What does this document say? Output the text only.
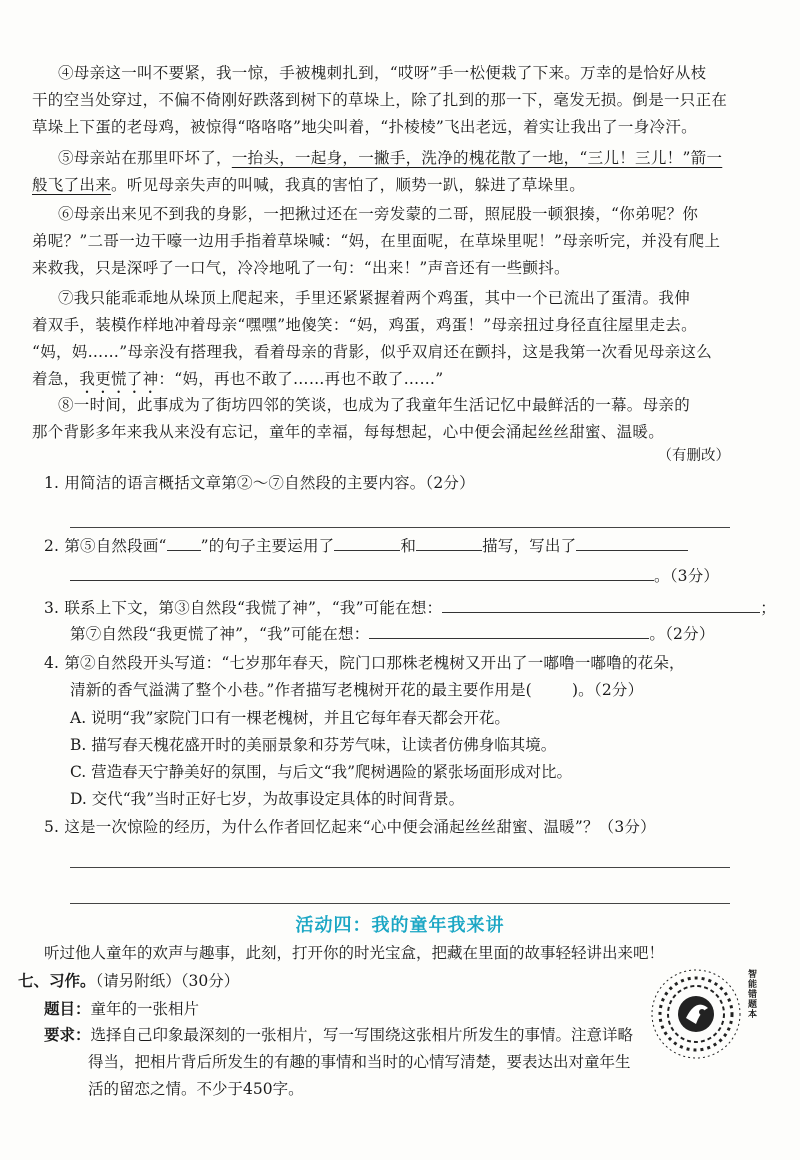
④母亲这一叫不要紧，我一惊，手被槐刺扎到，“哎呀”手一松便栽了下来。万幸的是恰好从枝
干的空当处穿过，不偏不倚刚好跌落到树下的草垛上，除了扎到的那一下，毫发无损。倒是一只正在
草垛上下蛋的老母鸡，被惊得“咯咯咯”地尖叫着，“扑棱棱”飞出老远，着实让我出了一身冷汗。
⑤母亲站在那里吓坏了，一抬头，一起身，一撇手，洗净的槐花散了一地，“三儿！三儿！”箭一
般飞了出来。听见母亲失声的叫喊，我真的害怕了，顺势一趴，躲进了草垛里。
⑥母亲出来见不到我的身影，一把揪过还在一旁发蒙的二哥，照屁股一顿狠揍，“你弟呢？你
弟呢？”二哥一边干嚎一边用手指着草垛喊：“妈，在里面呢，在草垛里呢！”母亲听完，并没有爬上
来救我，只是深呼了一口气，冷冷地吼了一句：“出来！”声音还有一些颤抖。
⑦我只能乖乖地从垛顶上爬起来，手里还紧紧握着两个鸡蛋，其中一个已流出了蛋清。我伸
着双手，装模作样地冲着母亲“嘿嘿”地傻笑：“妈，鸡蛋，鸡蛋！”母亲扭过身径直往屋里走去。
“妈，妈……”母亲没有搭理我，看着母亲的背影，似乎双肩还在颤抖，这是我第一次看见母亲这么
着急，我更慌了神：“妈，再也不敢了……再也不敢了……”
⑧一时间，此事成为了街坊四邻的笑谈，也成为了我童年生活记忆中最鲜活的一幕。母亲的
那个背影多年来我从来没有忘记，童年的幸福，每每想起，心中便会涌起丝丝甜蜜、温暖。
（有删改）
1. 用简洁的语言概括文章第②～⑦自然段的主要内容。（2分）
2. 第⑤自然段画“ ”的句子主要运用了	和	描写，写出了
。（3分）
3. 联系上下文，第③自然段“我慌了神”，“我”可能在想：	；
第⑦自然段“我更慌了神”，“我”可能在想：	。（2分）
4. 第②自然段开头写道：“七岁那年春天，院门口那株老槐树又开出了一嘟噜一嘟噜的花朵，
清新的香气溢满了整个小巷。”作者描写老槐树开花的最主要作用是(	)。（2分）
A. 说明“我”家院门口有一棵老槐树，并且它每年春天都会开花。
B. 描写春天槐花盛开时的美丽景象和芬芳气味，让读者仿佛身临其境。
C. 营造春天宁静美好的氛围，与后文“我”爬树遇险的紧张场面形成对比。
D. 交代“我”当时正好七岁，为故事设定具体的时间背景。
5. 这是一次惊险的经历，为什么作者回忆起来“心中便会涌起丝丝甜蜜、温暖”？（3分）
活动四：我的童年我来讲
听过他人童年的欢声与趣事，此刻，打开你的时光宝盒，把藏在里面的故事轻轻讲出来吧！
七、习作。（请另附纸）（30分）
题目：童年的一张相片
要求：选择自己印象最深刻的一张相片，写一写围绕这张相片所发生的事情。注意详略得当，把相片背后所发生的有趣的事情和当时的心情写清楚，要表达出对童年生活的留恋之情。不少于450字。
智能错题本
